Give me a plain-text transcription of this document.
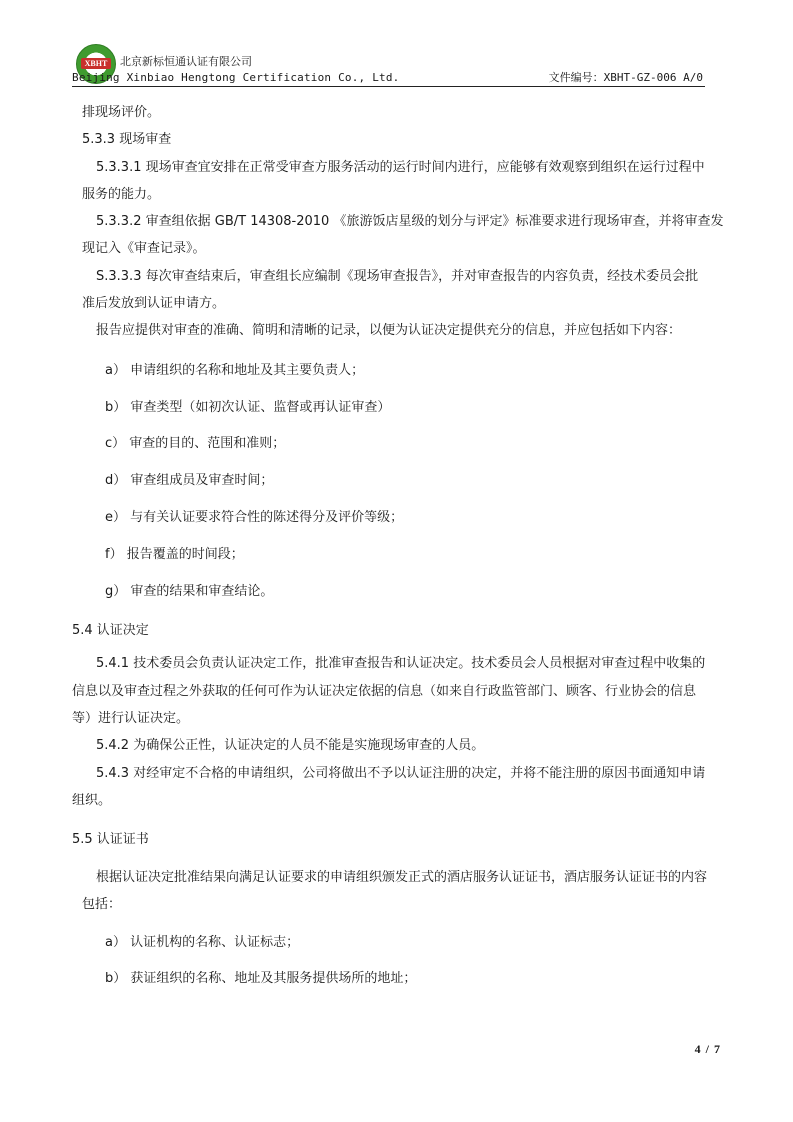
XBHT	北京新标恒通认证有限公司
Beijing Xinbiao Hengtong Certification Co., Ltd.	文件编号：XBHT-GZ-006 A/0
排现场评价。
5.3.3 现场审查
5.3.3.1 现场审查宜安排在正常受审查方服务活动的运行时间内进行，应能够有效观察到组织在运行过程中
服务的能力。
5.3.3.2 审查组依据 GB/T 14308-2010 《旅游饭店星级的划分与评定》标准要求进行现场审查，并将审查发
现记入《审查记录》。
S.3.3.3 每次审查结束后，审查组长应编制《现场审查报告》，并对审查报告的内容负责，经技术委员会批
准后发放到认证申请方。
报告应提供对审查的准确、简明和清晰的记录，以便为认证决定提供充分的信息，并应包括如下内容：
a） 申请组织的名称和地址及其主要负责人；
b） 审查类型（如初次认证、监督或再认证审查）
c） 审查的目的、范围和准则；
d） 审查组成员及审查时间；
e） 与有关认证要求符合性的陈述得分及评价等级；
f） 报告覆盖的时间段；
g） 审查的结果和审查结论。
5.4 认证决定
5.4.1 技术委员会负责认证决定工作，批准审查报告和认证决定。技术委员会人员根据对审查过程中收集的
信息以及审查过程之外获取的任何可作为认证决定依据的信息（如来自行政监管部门、顾客、行业协会的信息
等）进行认证决定。
5.4.2 为确保公正性，认证决定的人员不能是实施现场审查的人员。
5.4.3 对经审定不合格的申请组织，公司将做出不予以认证注册的决定，并将不能注册的原因书面通知申请
组织。
5.5 认证证书
根据认证决定批准结果向满足认证要求的申请组织颁发正式的酒店服务认证证书，酒店服务认证证书的内容
包括：
a） 认证机构的名称、认证标志；
b） 获证组织的名称、地址及其服务提供场所的地址；
4 / 7
